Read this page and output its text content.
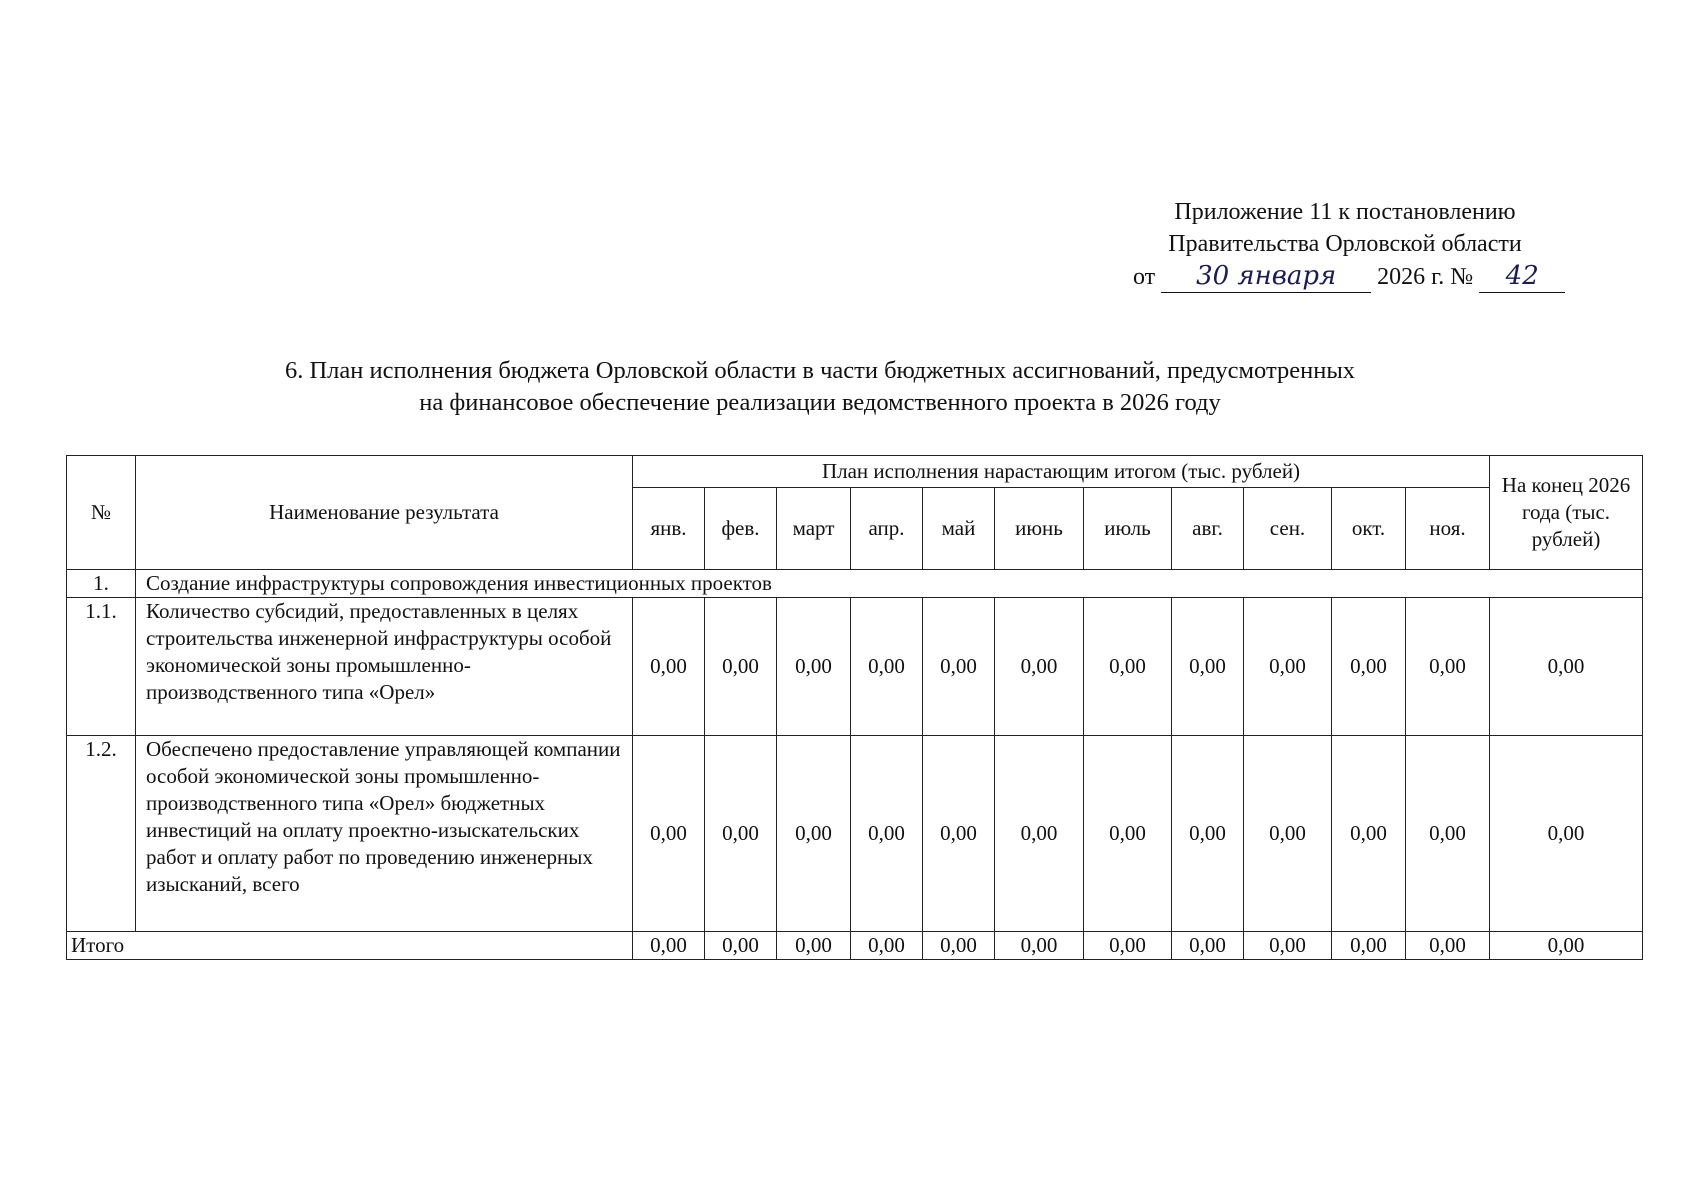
Приложение 11 к постановлению
Правительства Орловской области
от 30 января 2026 г. № 42
6. План исполнения бюджета Орловской области в части бюджетных ассигнований, предусмотренных
на финансовое обеспечение реализации ведомственного проекта в 2026 году
№	Наименование результата	План исполнения нарастающим итогом (тыс. рублей)											На конец 2026 года (тыс. рублей)
		янв.	фев.	март	апр.	май	июнь	июль	авг.	сен.	окт.	ноя.	
1.	Создание инфраструктуры сопровождения инвестиционных проектов												
1.1.	Количество субсидий, предоставленных в целях строительства инженерной инфраструктуры особой экономической зоны промышленно-производственного типа «Орел»	0,00	0,00	0,00	0,00	0,00	0,00	0,00	0,00	0,00	0,00	0,00	0,00
1.2.	Обеспечено предоставление управляющей компании особой экономической зоны промышленно-производственного типа «Орел» бюджетных инвестиций на оплату проектно-изыскательских работ и оплату работ по проведению инженерных изысканий, всего	0,00	0,00	0,00	0,00	0,00	0,00	0,00	0,00	0,00	0,00	0,00	0,00
Итого		0,00	0,00	0,00	0,00	0,00	0,00	0,00	0,00	0,00	0,00	0,00	0,00
